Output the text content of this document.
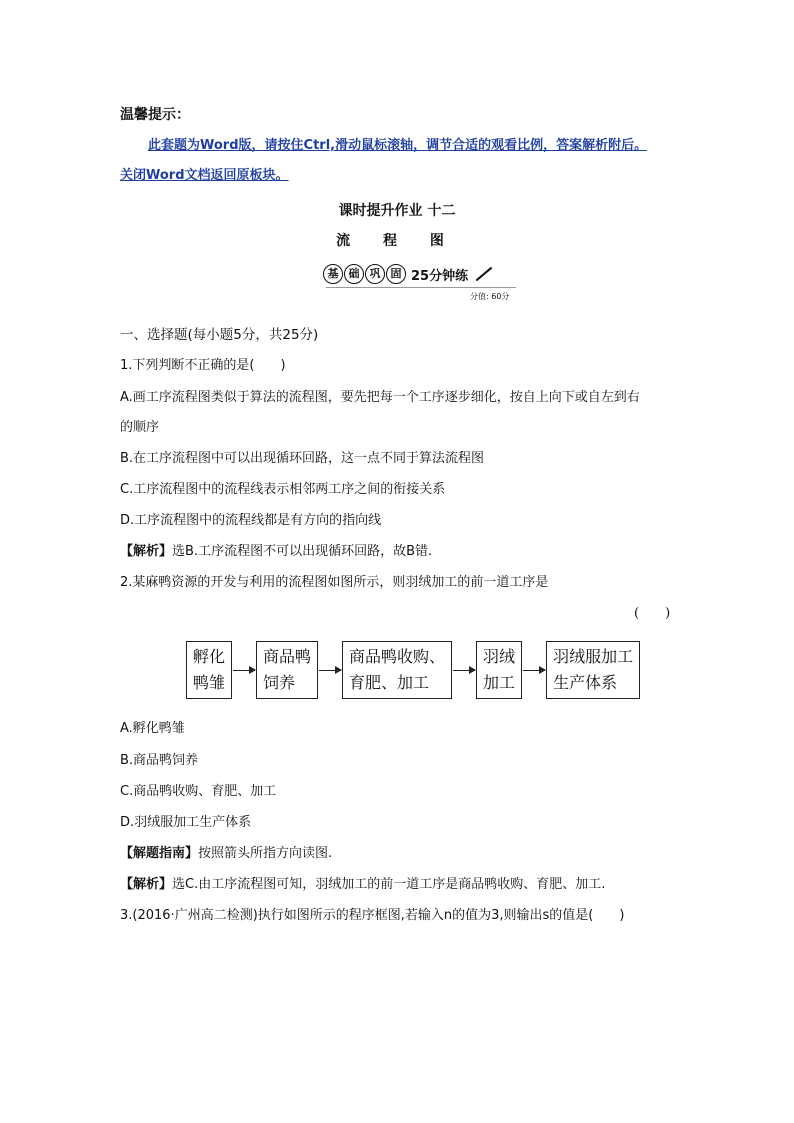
温馨提示：
此套题为Word版，请按住Ctrl,滑动鼠标滚轴，调节合适的观看比例，答案解析附后。
关闭Word文档返回原板块。
课时提升作业 十二
流 程 图
基 础 巩 固 25分钟练
分值: 60分
一、选择题(每小题5分，共25分)
1.下列判断不正确的是(　　)
A.画工序流程图类似于算法的流程图，要先把每一个工序逐步细化，按自上向下或自左到右
的顺序
B.在工序流程图中可以出现循环回路，这一点不同于算法流程图
C.工序流程图中的流程线表示相邻两工序之间的衔接关系
D.工序流程图中的流程线都是有方向的指向线
【解析】选B.工序流程图不可以出现循环回路，故B错.
2.某麻鸭资源的开发与利用的流程图如图所示，则羽绒加工的前一道工序是
(　　)
孵化
鸭雏
商品鸭
饲养
商品鸭收购、
育肥、加工
羽绒
加工
羽绒服加工
生产体系
A.孵化鸭雏
B.商品鸭饲养
C.商品鸭收购、育肥、加工
D.羽绒服加工生产体系
【解题指南】按照箭头所指方向读图.
【解析】选C.由工序流程图可知，羽绒加工的前一道工序是商品鸭收购、育肥、加工.
3.(2016·广州高二检测)执行如图所示的程序框图,若输入n的值为3,则输出s的值是(　　)
